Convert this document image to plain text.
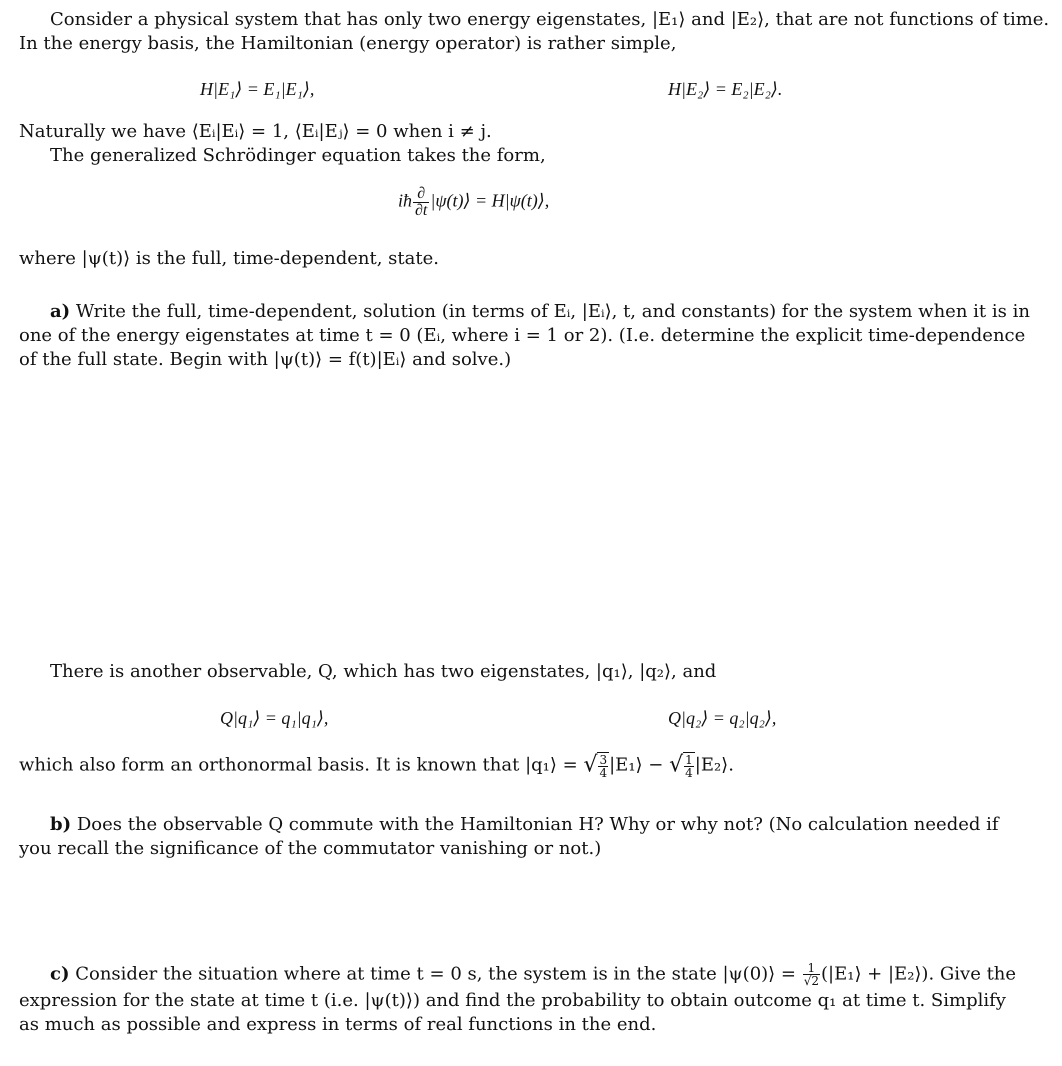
Consider a physical system that has only two energy eigenstates, |E₁⟩ and |E₂⟩, that are not functions of time.
In the energy basis, the Hamiltonian (energy operator) is rather simple,
H|E₁⟩ = E₁|E₁⟩,	H|E₂⟩ = E₂|E₂⟩.
Naturally we have ⟨Eᵢ|Eᵢ⟩ = 1, ⟨Eᵢ|Eⱼ⟩ = 0 when i ≠ j.
The generalized Schrödinger equation takes the form,
iħ ∂
∂t |ψ(t)⟩ = H|ψ(t)⟩,
where |ψ(t)⟩ is the full, time-dependent, state.
a) Write the full, time-dependent, solution (in terms of Eᵢ, |Eᵢ⟩, t, and constants) for the system when it is in
one of the energy eigenstates at time t = 0 (Eᵢ, where i = 1 or 2). (I.e. determine the explicit time-dependence
of the full state. Begin with |ψ(t)⟩ = f(t)|Eᵢ⟩ and solve.)
There is another observable, Q, which has two eigenstates, |q₁⟩, |q₂⟩, and
Q|q₁⟩ = q₁|q₁⟩,	Q|q₂⟩ = q₂|q₂⟩,
which also form an orthonormal basis. It is known that |q₁⟩ = √ $\frac{3}{4}$ |E₁⟩ − √ $\frac{1}{4}$ |E₂⟩.
b) Does the observable Q commute with the Hamiltonian H? Why or why not? (No calculation needed if
you recall the significance of the commutator vanishing or not.)
c) Consider the situation where at time t = 0 s, the system is in the state |ψ(0)⟩ = $\frac{1}{√2}$ (|E₁⟩ + |E₂⟩). Give the
expression for the state at time t (i.e. |ψ(t)⟩) and find the probability to obtain outcome q₁ at time t. Simplify
as much as possible and express in terms of real functions in the end.
